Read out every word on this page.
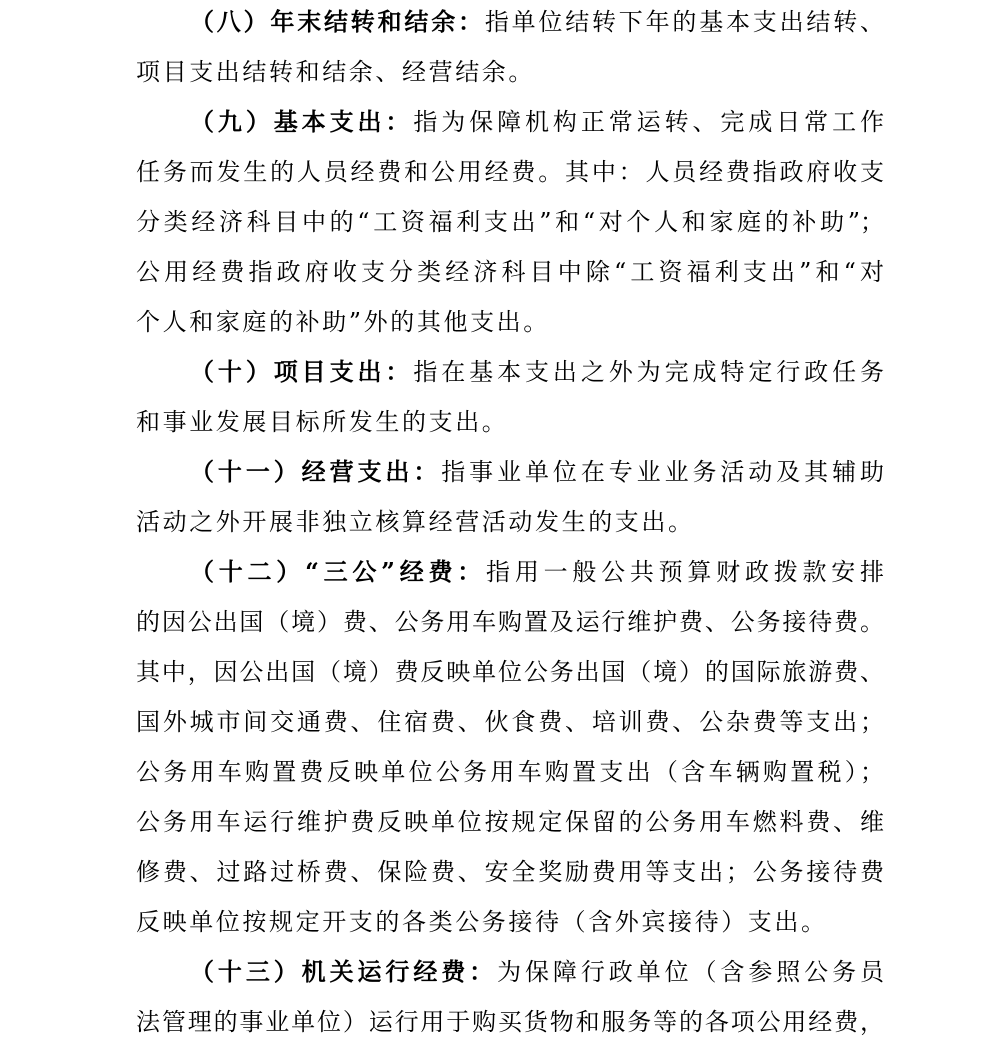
（八）年末结转和结余：指单位结转下年的基本支出结转、
项目支出结转和结余、经营结余。
（九）基本支出：指为保障机构正常运转、完成日常工作
任务而发生的人员经费和公用经费。其中：人员经费指政府收支
分类经济科目中的“工资福利支出”和“对个人和家庭的补助”；
公用经费指政府收支分类经济科目中除“工资福利支出”和“对
个人和家庭的补助”外的其他支出。
（十）项目支出：指在基本支出之外为完成特定行政任务
和事业发展目标所发生的支出。
（十一）经营支出：指事业单位在专业业务活动及其辅助
活动之外开展非独立核算经营活动发生的支出。
（十二）“三公”经费：指用一般公共预算财政拨款安排
的因公出国（境）费、公务用车购置及运行维护费、公务接待费。
其中，因公出国（境）费反映单位公务出国（境）的国际旅游费、
国外城市间交通费、住宿费、伙食费、培训费、公杂费等支出；
公务用车购置费反映单位公务用车购置支出（含车辆购置税）；
公务用车运行维护费反映单位按规定保留的公务用车燃料费、维
修费、过路过桥费、保险费、安全奖励费用等支出；公务接待费
反映单位按规定开支的各类公务接待（含外宾接待）支出。
（十三）机关运行经费：为保障行政单位（含参照公务员
法管理的事业单位）运行用于购买货物和服务等的各项公用经费，
